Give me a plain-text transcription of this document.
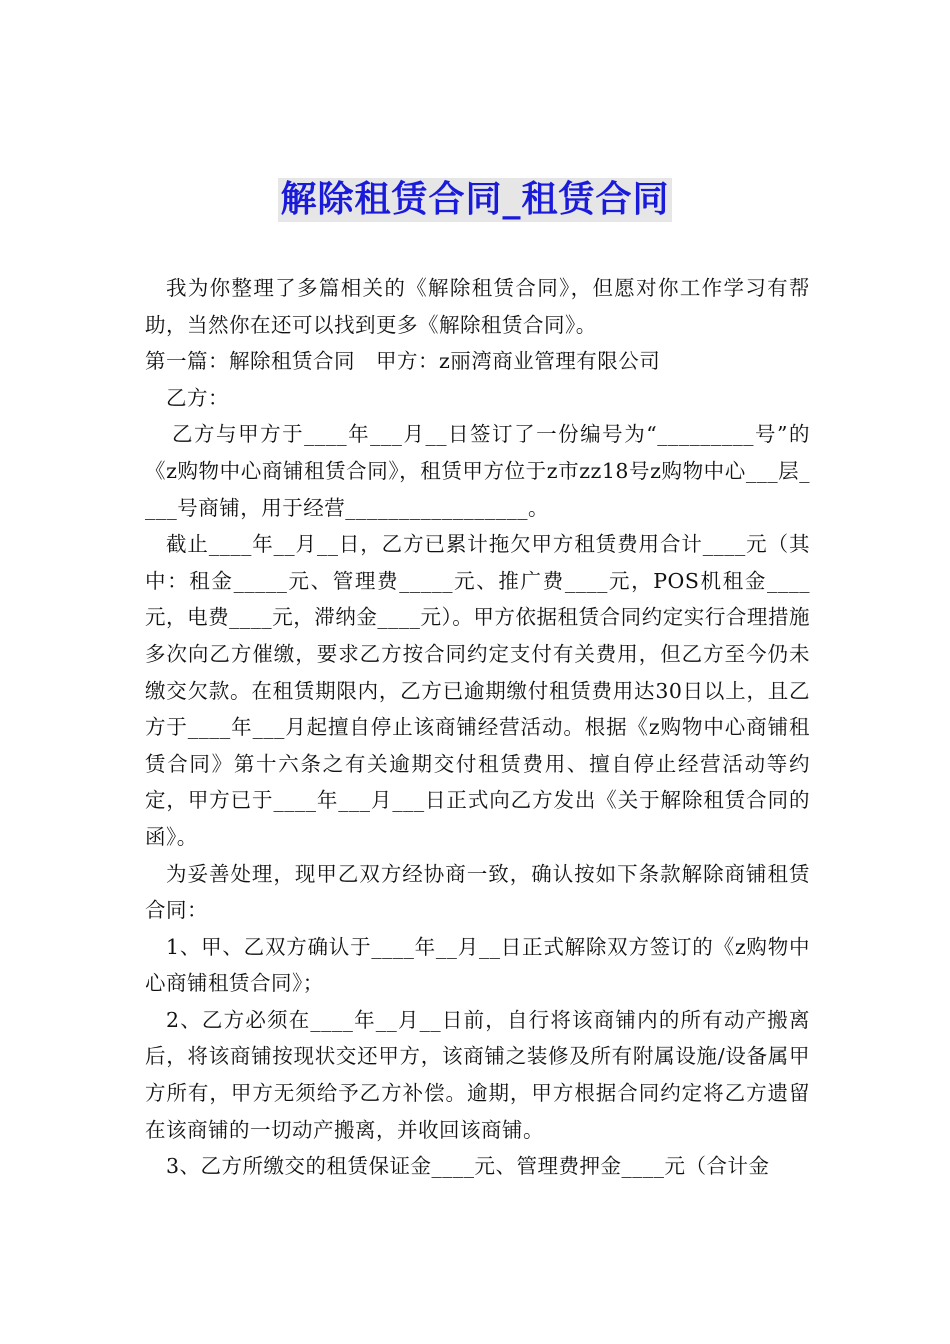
解除租赁合同_租赁合同

我为你整理了多篇相关的《解除租赁合同》，但愿对你工作学习有帮助，当然你在还可以找到更多《解除租赁合同》。

第一篇：解除租赁合同　甲方：z丽湾商业管理有限公司

乙方：

乙方与甲方于____年___月__日签订了一份编号为“_________号”的《z购物中心商铺租赁合同》，租赁甲方位于z市zz18号z购物中心___层____号商铺，用于经营_________________。

截止____年__月__日，乙方已累计拖欠甲方租赁费用合计____元（其中：租金_____元、管理费_____元、推广费____元，POS机租金____元，电费____元，滞纳金____元）。甲方依据租赁合同约定实行合理措施多次向乙方催缴，要求乙方按合同约定支付有关费用，但乙方至今仍未缴交欠款。在租赁期限内，乙方已逾期缴付租赁费用达30日以上，且乙方于____年___月起擅自停止该商铺经营活动。根据《z购物中心商铺租赁合同》第十六条之有关逾期交付租赁费用、擅自停止经营活动等约定，甲方已于____年___月___日正式向乙方发出《关于解除租赁合同的函》。

为妥善处理，现甲乙双方经协商一致，确认按如下条款解除商铺租赁合同：

1、甲、乙双方确认于____年__月__日正式解除双方签订的《z购物中心商铺租赁合同》；

2、乙方必须在____年__月__日前，自行将该商铺内的所有动产搬离后，将该商铺按现状交还甲方，该商铺之装修及所有附属设施/设备属甲方所有，甲方无须给予乙方补偿。逾期，甲方根据合同约定将乙方遗留在该商铺的一切动产搬离，并收回该商铺。

3、乙方所缴交的租赁保证金____元、管理费押金____元（合计金
